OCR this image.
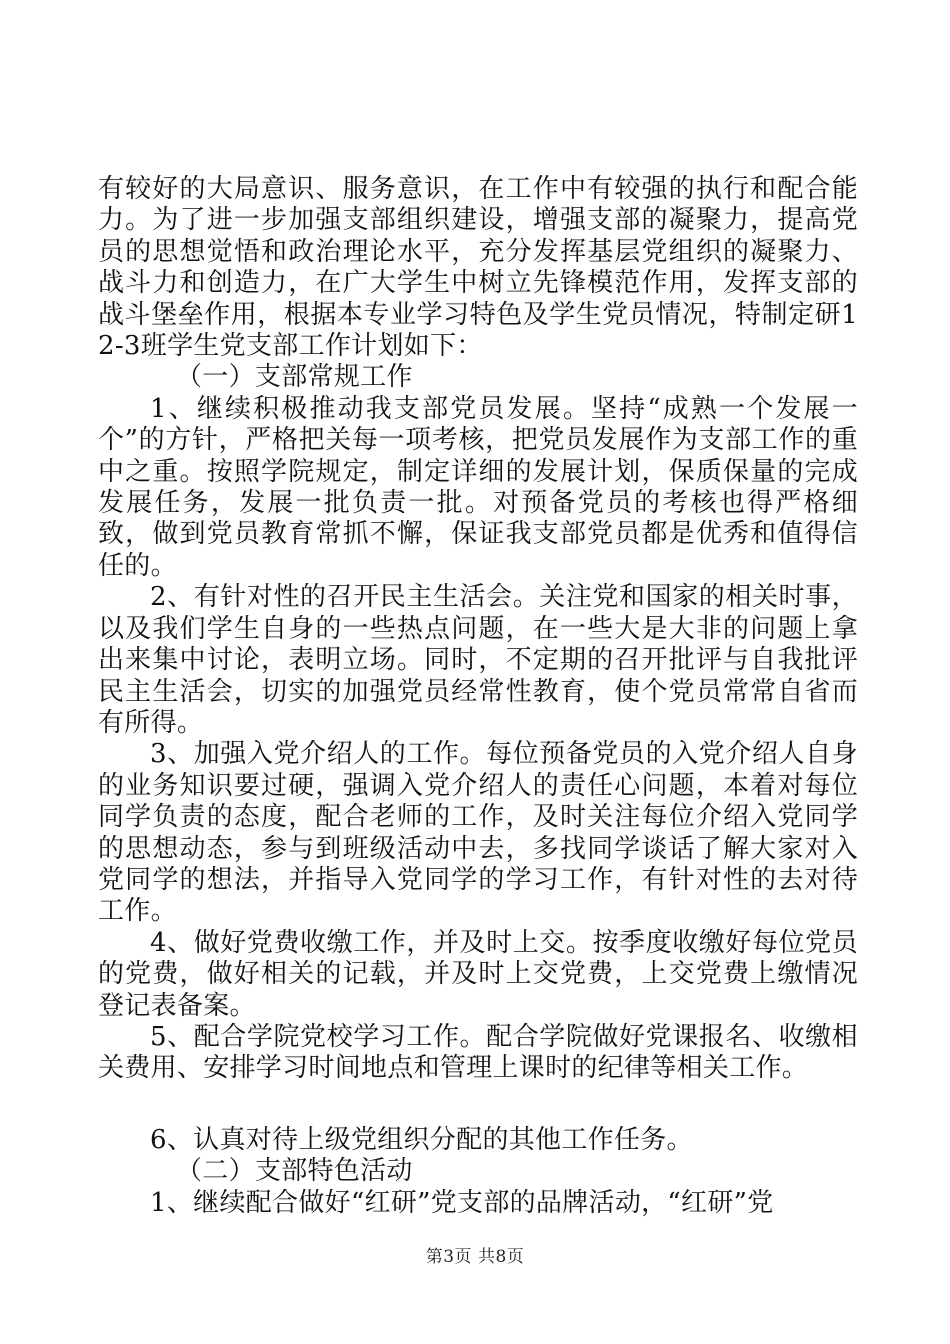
有较好的大局意识、服务意识，在工作中有较强的执行和配合能力。为了进一步加强支部组织建设，增强支部的凝聚力，提高党员的思想觉悟和政治理论水平，充分发挥基层党组织的凝聚力、战斗力和创造力，在广大学生中树立先锋模范作用，发挥支部的战斗堡垒作用，根据本专业学习特色及学生党员情况，特制定研12-3班学生党支部工作计划如下：

（一）支部常规工作

1、继续积极推动我支部党员发展。坚持“成熟一个发展一个”的方针，严格把关每一项考核，把党员发展作为支部工作的重中之重。按照学院规定，制定详细的发展计划，保质保量的完成发展任务，发展一批负责一批。对预备党员的考核也得严格细致，做到党员教育常抓不懈，保证我支部党员都是优秀和值得信任的。

2、有针对性的召开民主生活会。关注党和国家的相关时事，以及我们学生自身的一些热点问题，在一些大是大非的问题上拿出来集中讨论，表明立场。同时，不定期的召开批评与自我批评民主生活会，切实的加强党员经常性教育，使个党员常常自省而有所得。

3、加强入党介绍人的工作。每位预备党员的入党介绍人自身的业务知识要过硬，强调入党介绍人的责任心问题，本着对每位同学负责的态度，配合老师的工作，及时关注每位介绍入党同学的思想动态，参与到班级活动中去，多找同学谈话了解大家对入党同学的想法，并指导入党同学的学习工作，有针对性的去对待工作。

4、做好党费收缴工作，并及时上交。按季度收缴好每位党员的党费，做好相关的记载，并及时上交党费，上交党费上缴情况登记表备案。

5、配合学院党校学习工作。配合学院做好党课报名、收缴相关费用、安排学习时间地点和管理上课时的纪律等相关工作。

6、认真对待上级党组织分配的其他工作任务。

（二）支部特色活动

1、继续配合做好“红研”党支部的品牌活动，“红研”党

第3页 共8页
